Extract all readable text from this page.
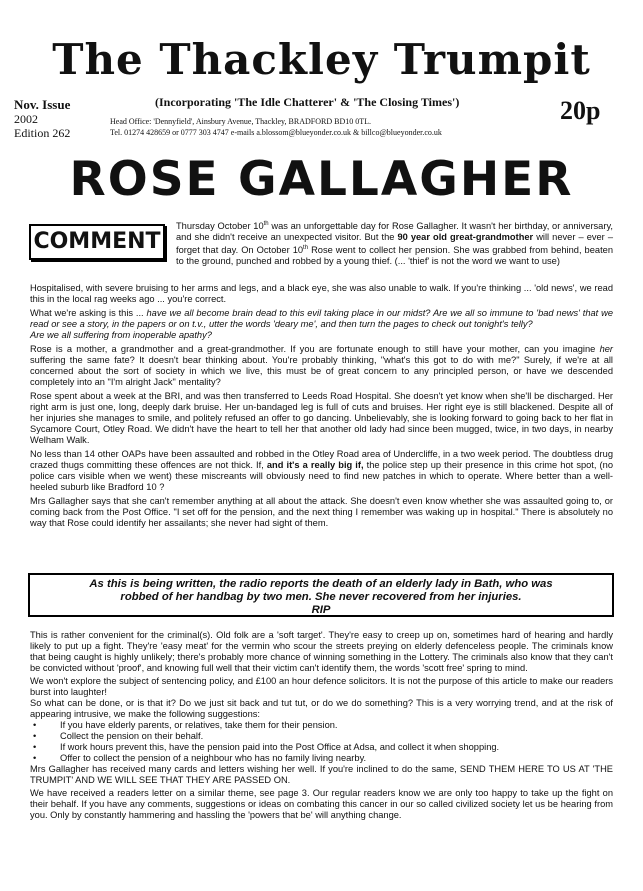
The Thackley Trumpit
Nov. Issue
2002
Edition 262
(Incorporating 'The Idle Chatterer' & 'The Closing Times')	20p
Head Office: 'Dennyfield', Ainsbury Avenue, Thackley, BRADFORD BD10 0TL.
Tel. 01274 428659 or 0777 303 4747 e-mails a.blossom@blueyonder.co.uk & billco@blueyonder.co.uk
ROSE GALLAGHER
COMMENT

Thursday October 10th was an unforgettable day for Rose Gallagher. It wasn't her birthday, or anniversary, and she didn't receive an unexpected visitor. But the 90 year old great-grandmother will never – ever – forget that day. On October 10th Rose went to collect her pension. She was grabbed from behind, beaten to the ground, punched and robbed by a young thief. (... 'thief' is not the word we want to use)

Hospitalised, with severe bruising to her arms and legs, and a black eye, she was also unable to walk. If you're thinking ... 'old news', we read this in the local rag weeks ago ... you're correct.

What we're asking is this ... have we all become brain dead to this evil taking place in our midst? Are we all so immune to 'bad news' that we read or see a story, in the papers or on t.v., utter the words 'deary me', and then turn the pages to check out tonight's telly?

Are we all suffering from inoperable apathy?

Rose is a mother, a grandmother and a great-grandmother. If you are fortunate enough to still have your mother, can you imagine her suffering the same fate? It doesn't bear thinking about. You're probably thinking, "what's this got to do with me?" Surely, if we're at all concerned about the sort of society in which we live, this must be of great concern to any principled person, or have we descended completely into an "I'm alright Jack" mentality?

Rose spent about a week at the BRI, and was then transferred to Leeds Road Hospital. She doesn't yet know when she'll be discharged. Her right arm is just one, long, deeply dark bruise. Her un-bandaged leg is full of cuts and bruises. Her right eye is still blackened. Despite all of her injuries she manages to smile, and politely refused an offer to go dancing. Unbelievably, she is looking forward to going back to her flat in Sycamore Court, Otley Road. We didn't have the heart to tell her that another old lady had since been mugged, twice, in two days, in nearby Welham Walk.

No less than 14 other OAPs have been assaulted and robbed in the Otley Road area of Undercliffe, in a two week period. The doubtless drug crazed thugs committing these offences are not thick. If, and it's a really big if, the police step up their presence in this crime hot spot, (no police cars visible when we went) these miscreants will obviously need to find new patches in which to operate. Where better than a well-heeled suburb like Bradford 10 ?

Mrs Gallagher says that she can't remember anything at all about the attack. She doesn't even know whether she was assaulted going to, or coming back from the Post Office. "I set off for the pension, and the next thing I remember was waking up in hospital." There is absolutely no way that Rose could identify her assailants; she never had sight of them.

As this is being written, the radio reports the death of an elderly lady in Bath, who was
robbed of her handbag by two men. She never recovered from her injuries.
RIP

This is rather convenient for the criminal(s). Old folk are a 'soft target'. They're easy to creep up on, sometimes hard of hearing and hardly likely to put up a fight. They're 'easy meat' for the vermin who scour the streets preying on elderly defenceless people. The criminals know that being caught is highly unlikely; there's probably more chance of winning something in the Lottery. The criminals also know that they can't be convicted without 'proof', and knowing full well that their victim can't identify them, the words 'scott free' spring to mind.

We won't explore the subject of sentencing policy, and £100 an hour defence solicitors. It is not the purpose of this article to make our readers burst into laughter!

So what can be done, or is that it? Do we just sit back and tut tut, or do we do something? This is a very worrying trend, and at the risk of appearing intrusive, we make the following suggestions:

• If you have elderly parents, or relatives, take them for their pension.
• Collect the pension on their behalf.
• If work hours prevent this, have the pension paid into the Post Office at Adsa, and collect it when shopping.
• Offer to collect the pension of a neighbour who has no family living nearby.

Mrs Gallagher has received many cards and letters wishing her well. If you're inclined to do the same, SEND THEM HERE TO US AT 'THE TRUMPIT' AND WE WILL SEE THAT THEY ARE PASSED ON.

We have received a readers letter on a similar theme, see page 3. Our regular readers know we are only too happy to take up the fight on their behalf. If you have any comments, suggestions or ideas on combating this cancer in our so called civilized society let us be hearing from you. Only by constantly hammering and hassling the 'powers that be' will anything change.
